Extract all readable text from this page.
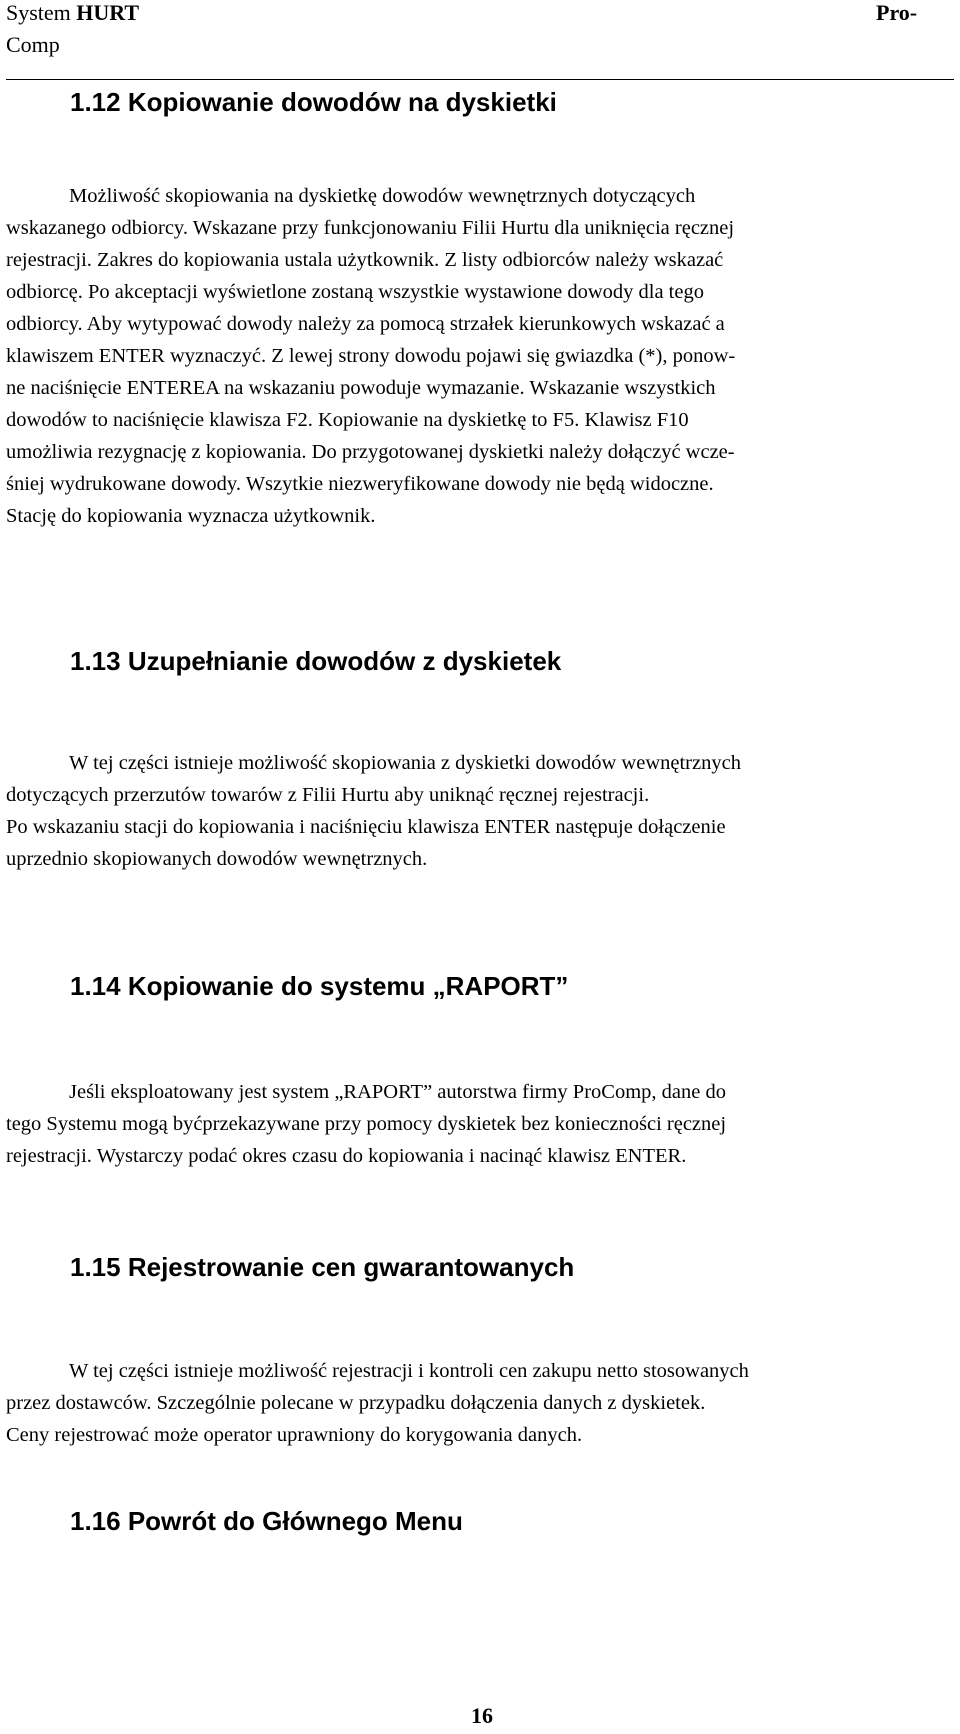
System HURT	Pro-
Comp
1.12 Kopiowanie dowodów na dyskietki
Możliwość skopiowania na dyskietkę dowodów wewnętrznych dotyczących
wskazanego odbiorcy. Wskazane przy funkcjonowaniu Filii Hurtu dla uniknięcia ręcznej
rejestracji. Zakres do kopiowania ustala użytkownik. Z listy odbiorców należy wskazać
odbiorcę. Po akceptacji wyświetlone zostaną wszystkie wystawione dowody dla tego
odbiorcy. Aby wytypować dowody należy za pomocą strzałek kierunkowych wskazać a
klawiszem ENTER wyznaczyć. Z lewej strony dowodu pojawi się gwiazdka (*), ponow-
ne naciśnięcie ENTEREA na wskazaniu powoduje wymazanie. Wskazanie wszystkich
dowodów to naciśnięcie klawisza F2. Kopiowanie na dyskietkę to F5. Klawisz F10
umożliwia rezygnację z kopiowania. Do przygotowanej dyskietki należy dołączyć wcze-
śniej wydrukowane dowody. Wszytkie niezweryfikowane dowody nie będą widoczne.
Stację do kopiowania wyznacza użytkownik.
1.13 Uzupełnianie dowodów z dyskietek
W tej części istnieje możliwość skopiowania z dyskietki dowodów wewnętrznych
dotyczących przerzutów towarów z Filii Hurtu aby uniknąć ręcznej rejestracji.
Po wskazaniu stacji do kopiowania i naciśnięciu klawisza ENTER następuje dołączenie
uprzednio skopiowanych dowodów wewnętrznych.
1.14 Kopiowanie do systemu „RAPORT”
Jeśli eksploatowany jest system „RAPORT” autorstwa firmy ProComp, dane do
tego Systemu mogą byćprzekazywane przy pomocy dyskietek bez konieczności ręcznej
rejestracji. Wystarczy podać okres czasu do kopiowania i nacinąć klawisz ENTER.
1.15 Rejestrowanie cen gwarantowanych
W tej części istnieje możliwość rejestracji i kontroli cen zakupu netto stosowanych
przez dostawców. Szczególnie polecane w przypadku dołączenia danych z dyskietek.
Ceny rejestrować może operator uprawniony do korygowania danych.
1.16 Powrót do Głównego Menu
16
